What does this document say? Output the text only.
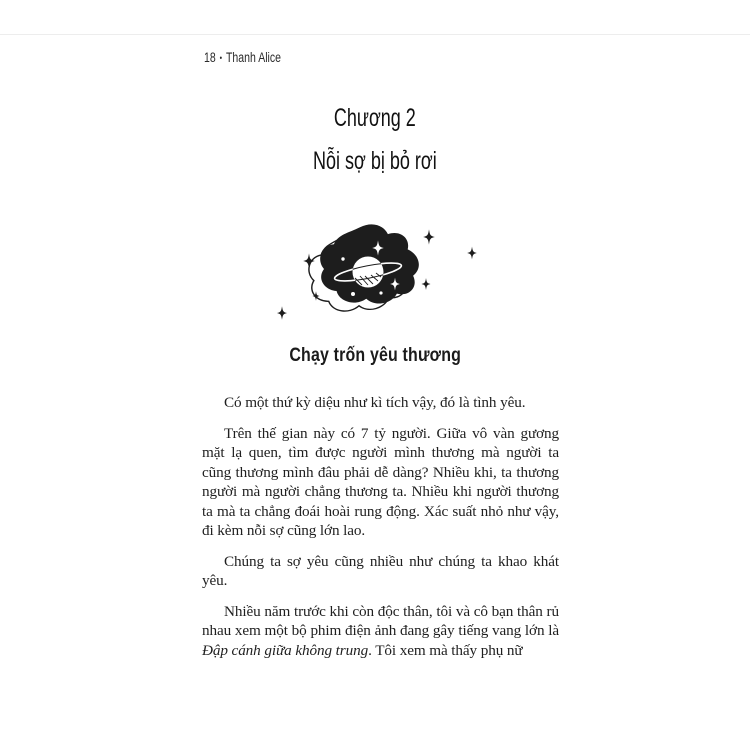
18 • Thanh Alice
Chương 2
Nỗi sợ bị bỏ rơi
Chạy trốn yêu thương

Có một thứ kỳ diệu như kì tích vậy, đó là tình yêu.

Trên thế gian này có 7 tỷ người. Giữa vô vàn gương mặt lạ quen, tìm được người mình thương mà người ta cũng thương mình đâu phải dễ dàng? Nhiều khi, ta thương người mà người chẳng thương ta. Nhiều khi người thương ta mà ta chẳng đoái hoài rung động. Xác suất nhỏ như vậy, đi kèm nỗi sợ cũng lớn lao.

Chúng ta sợ yêu cũng nhiều như chúng ta khao khát yêu.

Nhiều năm trước khi còn độc thân, tôi và cô bạn thân rủ nhau xem một bộ phim điện ảnh đang gây tiếng vang lớn là Đập cánh giữa không trung. Tôi xem mà thấy phụ nữ
